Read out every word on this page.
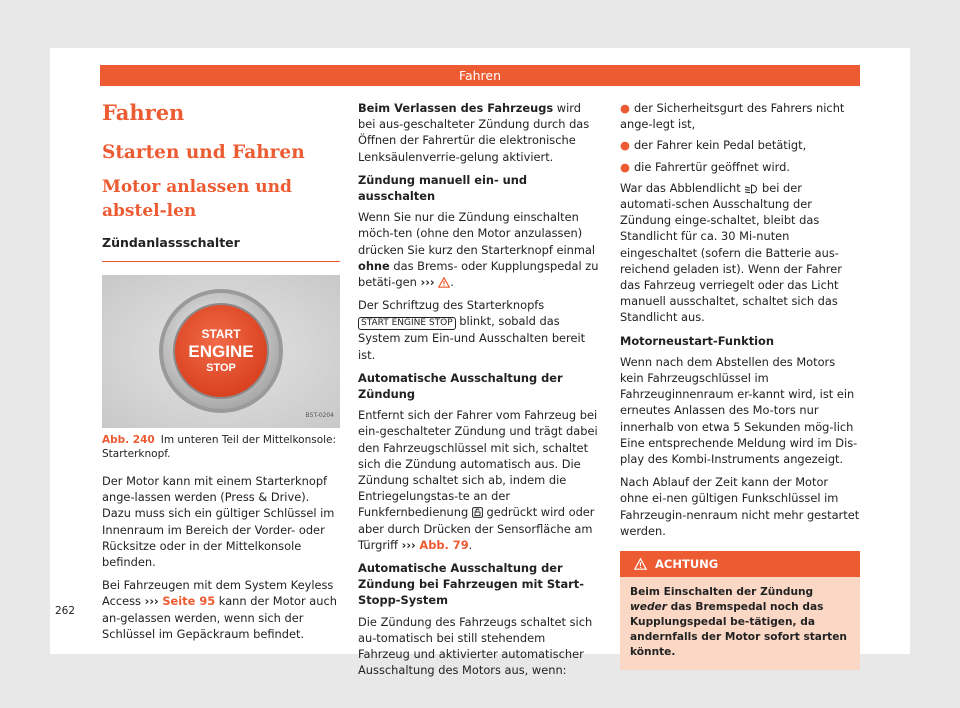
Fahren
Fahren
Starten und Fahren
Motor anlassen und abstel-len
Zündanlassschalter
START
ENGINE
STOP
B5T-0204
Abb. 240 Im unteren Teil der Mittelkonsole: Starterknopf.

Der Motor kann mit einem Starterknopf ange-lassen werden (Press & Drive). Dazu muss sich ein gültiger Schlüssel im Innenraum im Bereich der Vorder- oder Rücksitze oder in der Mittelkonsole befinden.

Bei Fahrzeugen mit dem System Keyless Access ››› Seite 95 kann der Motor auch an-gelassen werden, wenn sich der Schlüssel im Gepäckraum befindet.

Beim Verlassen des Fahrzeugs wird bei aus-geschalteter Zündung durch das Öffnen der Fahrertür die elektronische Lenksäulenverrie-gelung aktiviert.

Zündung manuell ein- und ausschalten

Wenn Sie nur die Zündung einschalten möch-ten (ohne den Motor anzulassen) drücken Sie kurz den Starterknopf einmal ohne das Brems- oder Kupplungspedal zu betäti-gen ››› .

Der Schriftzug des Starterknopfs START ENGINE STOP blinkt, sobald das System zum Ein-und Ausschalten bereit ist.

Automatische Ausschaltung der Zündung

Entfernt sich der Fahrer vom Fahrzeug bei ein-geschalteter Zündung und trägt dabei den Fahrzeugschlüssel mit sich, schaltet sich die Zündung automatisch aus. Die Zündung schaltet sich ab, indem die Entriegelungstas-te an der Funkfernbedienung  gedrückt wird oder aber durch Drücken der Sensorfläche am Türgriff ››› Abb. 79.

Automatische Ausschaltung der Zündung bei Fahrzeugen mit Start-Stopp-System

Die Zündung des Fahrzeugs schaltet sich au-tomatisch bei still stehendem Fahrzeug und aktivierter automatischer Ausschaltung des Motors aus, wenn:

● der Sicherheitsgurt des Fahrers nicht ange-legt ist,
● der Fahrer kein Pedal betätigt,
● die Fahrertür geöffnet wird.

War das Abblendlicht  bei der automati-schen Ausschaltung der Zündung einge-schaltet, bleibt das Standlicht für ca. 30 Mi-nuten eingeschaltet (sofern die Batterie aus-reichend geladen ist). Wenn der Fahrer das Fahrzeug verriegelt oder das Licht manuell ausschaltet, schaltet sich das Standlicht aus.

Motorneustart-Funktion

Wenn nach dem Abstellen des Motors kein Fahrzeugschlüssel im Fahrzeuginnenraum er-kannt wird, ist ein erneutes Anlassen des Mo-tors nur innerhalb von etwa 5 Sekunden mög-lich Eine entsprechende Meldung wird im Dis-play des Kombi-Instruments angezeigt.

Nach Ablauf der Zeit kann der Motor ohne ei-nen gültigen Funkschlüssel im Fahrzeugin-nenraum nicht mehr gestartet werden.

ACHTUNG
Beim Einschalten der Zündung weder das Bremspedal noch das Kupplungspedal be-tätigen, da andernfalls der Motor sofort starten könnte.
262
